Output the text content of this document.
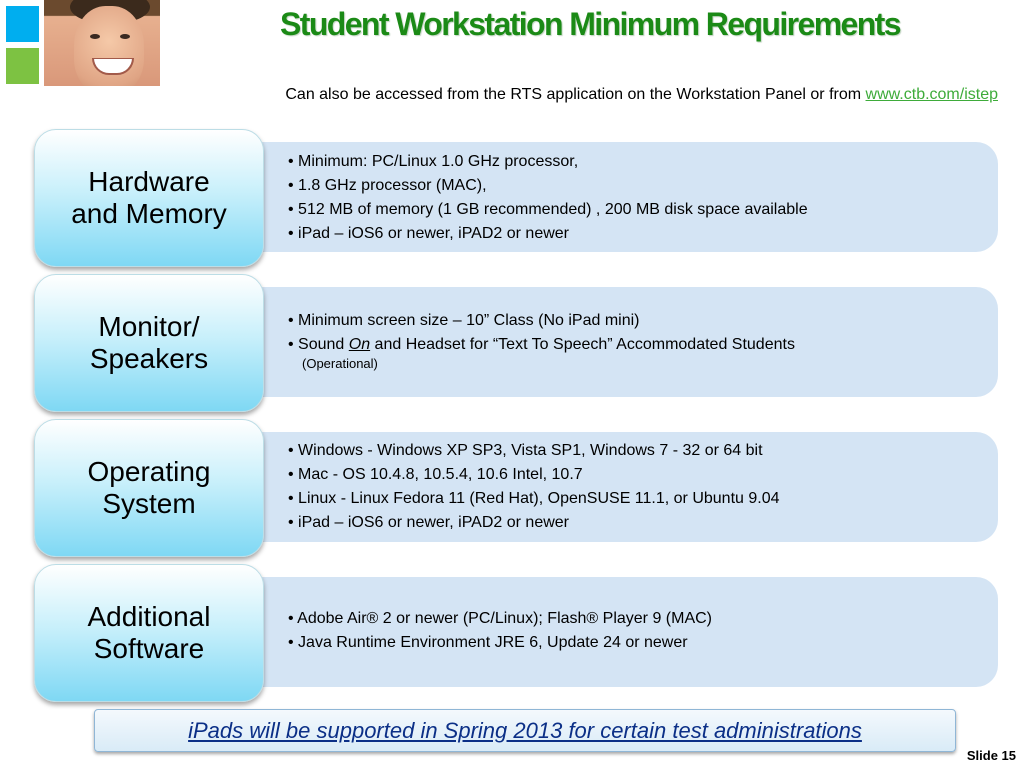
Student Workstation Minimum Requirements
Can also be accessed from the RTS application on the Workstation Panel or from www.ctb.com/istep
• Minimum: PC/Linux 1.0 GHz processor,
• 1.8 GHz processor (MAC),
• 512 MB of memory (1 GB recommended) , 200 MB disk space available
• iPad – iOS6 or newer, iPAD2 or newer
Hardware
and Memory
• Minimum screen size – 10” Class (No iPad mini)
• Sound On and Headset for “Text To Speech” Accommodated Students
(Operational)
Monitor/
Speakers
• Windows - Windows XP SP3, Vista SP1, Windows 7 - 32 or 64 bit
• Mac - OS 10.4.8, 10.5.4, 10.6 Intel, 10.7
• Linux - Linux Fedora 11 (Red Hat), OpenSUSE 11.1, or Ubuntu 9.04
• iPad – iOS6 or newer, iPAD2 or newer
Operating
System
• Adobe Air® 2 or newer (PC/Linux); Flash® Player 9 (MAC)
• Java Runtime Environment JRE 6, Update 24 or newer
Additional
Software
iPads will be supported in Spring 2013 for certain test administrations
Slide 15
